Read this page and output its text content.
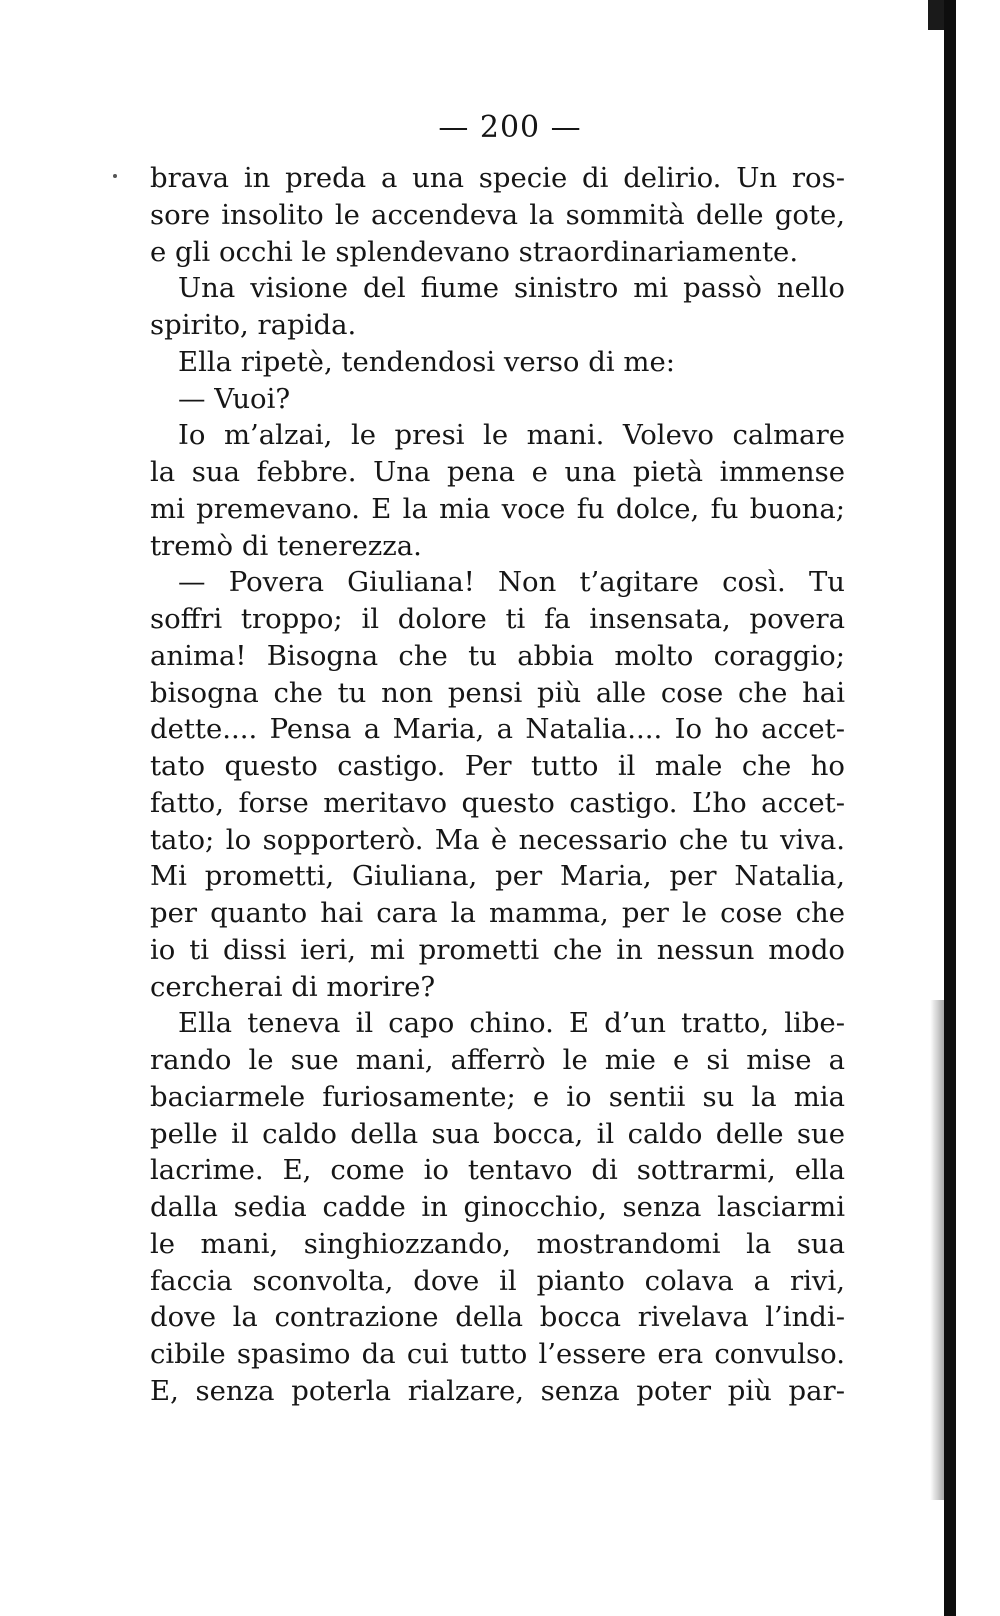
— 200 —
brava in preda a una specie di delirio. Un ros-
sore insolito le accendeva la sommità delle gote,
e gli occhi le splendevano straordinariamente.
Una visione del fiume sinistro mi passò nello
spirito, rapida.
Ella ripetè, tendendosi verso di me:
— Vuoi?
Io m’alzai, le presi le mani. Volevo calmare
la sua febbre. Una pena e una pietà immense
mi premevano. E la mia voce fu dolce, fu buona;
tremò di tenerezza.
— Povera Giuliana! Non t’agitare così. Tu
soffri troppo; il dolore ti fa insensata, povera
anima! Bisogna che tu abbia molto coraggio;
bisogna che tu non pensi più alle cose che hai
dette.... Pensa a Maria, a Natalia.... Io ho accet-
tato questo castigo. Per tutto il male che ho
fatto, forse meritavo questo castigo. L’ho accet-
tato; lo sopporterò. Ma è necessario che tu viva.
Mi prometti, Giuliana, per Maria, per Natalia,
per quanto hai cara la mamma, per le cose che
io ti dissi ieri, mi prometti che in nessun modo
cercherai di morire?
Ella teneva il capo chino. E d’un tratto, libe-
rando le sue mani, afferrò le mie e si mise a
baciarmele furiosamente; e io sentii su la mia
pelle il caldo della sua bocca, il caldo delle sue
lacrime. E, come io tentavo di sottrarmi, ella
dalla sedia cadde in ginocchio, senza lasciarmi
le mani, singhiozzando, mostrandomi la sua
faccia sconvolta, dove il pianto colava a rivi,
dove la contrazione della bocca rivelava l’indi-
cibile spasimo da cui tutto l’essere era convulso.
E, senza poterla rialzare, senza poter più par-
